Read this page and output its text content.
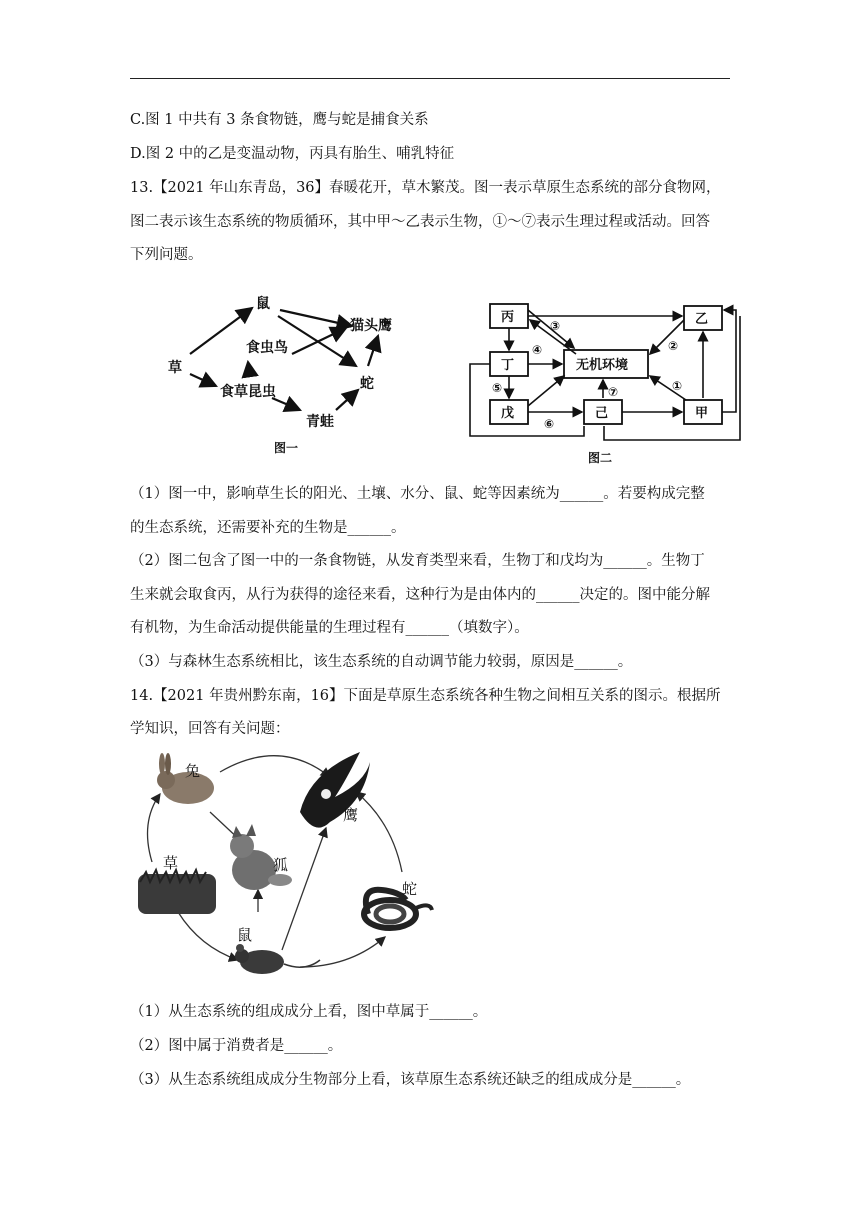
C.图 1 中共有 3 条食物链，鹰与蛇是捕食关系
D.图 2 中的乙是变温动物，丙具有胎生、哺乳特征
13.【2021 年山东青岛，36】春暖花开，草木繁茂。图一表示草原生态系统的部分食物网，
图二表示该生态系统的物质循环，其中甲～乙表示生物，①～⑦表示生理过程或活动。回答
下列问题。
草
鼠
食虫鸟
食草昆虫
猫头鹰
蛇
青蛙
图一
丙
丁
戊	己	甲
乙
无机环境
①
②
③
④
⑤
⑥
⑦
图二
（1）图一中，影响草生长的阳光、土壤、水分、鼠、蛇等因素统为______。若要构成完整
的生态系统，还需要补充的生物是______。
（2）图二包含了图一中的一条食物链，从发育类型来看，生物丁和戊均为______。生物丁
生来就会取食丙，从行为获得的途径来看，这种行为是由体内的______决定的。图中能分解
有机物，为生命活动提供能量的生理过程有______（填数字）。
（3）与森林生态系统相比，该生态系统的自动调节能力较弱，原因是______。
14.【2021 年贵州黔东南，16】下面是草原生态系统各种生物之间相互关系的图示。根据所
学知识，回答有关问题：
兔
鹰
草	狐
鼠
蛇
（1）从生态系统的组成成分上看，图中草属于______。
（2）图中属于消费者是______。
（3）从生态系统组成成分生物部分上看，该草原生态系统还缺乏的组成成分是______。
